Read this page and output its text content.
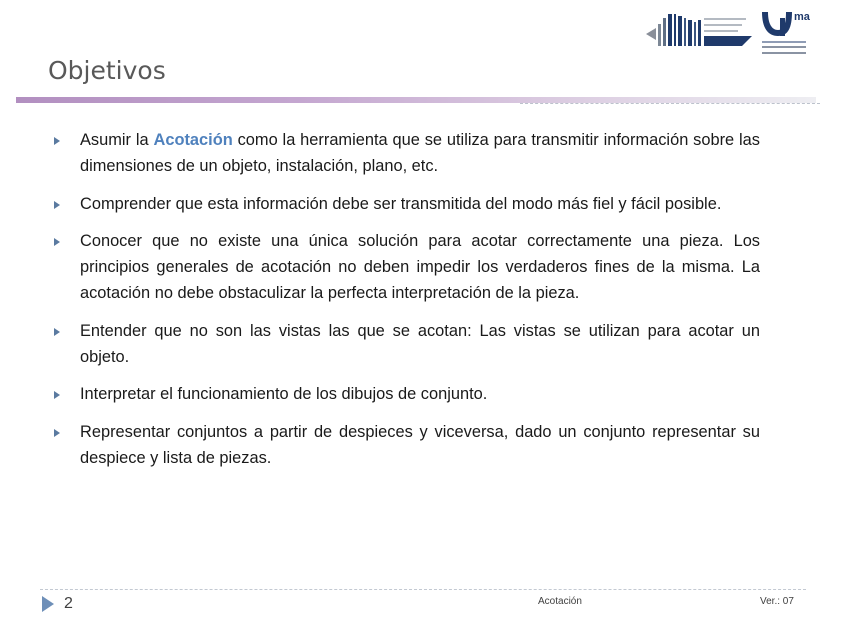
ma
Objetivos
Asumir la Acotación como la herramienta que se utiliza para transmitir información sobre las dimensiones de un objeto, instalación, plano, etc.
Comprender que esta información debe ser transmitida del modo más fiel y fácil posible.
Conocer que no existe una única solución para acotar correctamente una pieza. Los principios generales de acotación no deben impedir los verdaderos fines de la misma. La acotación no debe obstaculizar la perfecta interpretación de la pieza.
Entender que no son las vistas las que se acotan: Las vistas se utilizan para acotar un objeto.
Interpretar el funcionamiento de los dibujos de conjunto.
Representar conjuntos a partir de despieces y viceversa, dado un conjunto representar su despiece y lista de piezas.
2	Acotación	Ver.: 07
